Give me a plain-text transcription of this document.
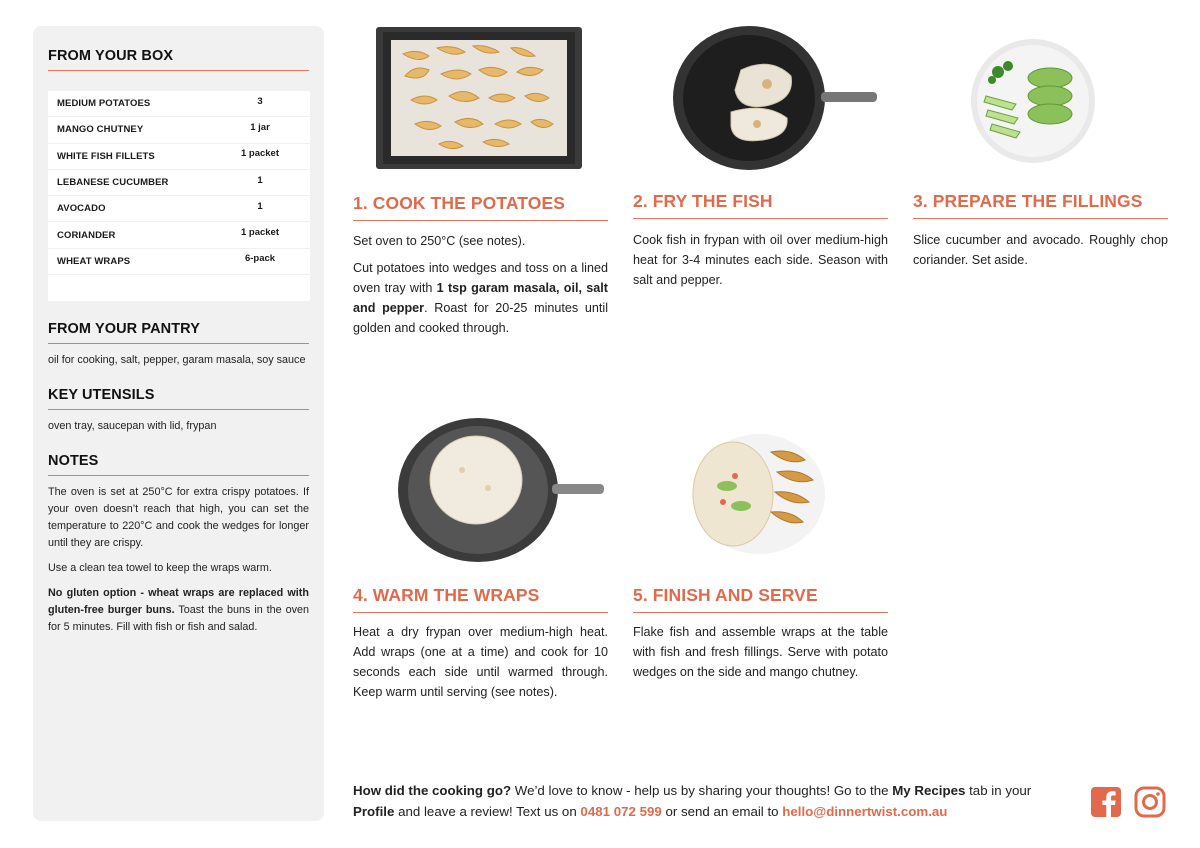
FROM YOUR BOX
MEDIUM POTATOES	3
MANGO CHUTNEY	1 jar
WHITE FISH FILLETS	1 packet
LEBANESE CUCUMBER	1
AVOCADO	1
CORIANDER	1 packet
WHEAT WRAPS	6-pack
FROM YOUR PANTRY
oil for cooking, salt, pepper, garam masala, soy sauce
KEY UTENSILS
oven tray, saucepan with lid, frypan
NOTES
The oven is set at 250°C for extra crispy potatoes. If your oven doesn’t reach that high, you can set the temperature to 220°C and cook the wedges for longer until they are crispy.
Use a clean tea towel to keep the wraps warm.
No gluten option - wheat wraps are replaced with gluten-free burger buns. Toast the buns in the oven for 5 minutes. Fill with fish or fish and salad.
1. COOK THE POTATOES

Set oven to 250°C (see notes).

Cut potatoes into wedges and toss on a lined oven tray with 1 tsp garam masala, oil, salt and pepper. Roast for 20-25 minutes until golden and cooked through.

2. FRY THE FISH

Cook fish in frypan with oil over medium-high heat for 3-4 minutes each side. Season with salt and pepper.

3. PREPARE THE FILLINGS

Slice cucumber and avocado. Roughly chop coriander. Set aside.

4. WARM THE WRAPS

Heat a dry frypan over medium-high heat. Add wraps (one at a time) and cook for 10 seconds each side until warmed through. Keep warm until serving (see notes).

5. FINISH AND SERVE

Flake fish and assemble wraps at the table with fish and fresh fillings. Serve with potato wedges on the side and mango chutney.

How did the cooking go? We’d love to know - help us by sharing your thoughts! Go to the My Recipes tab in your Profile and leave a review! Text us on 0481 072 599 or send an email to hello@dinnertwist.com.au
